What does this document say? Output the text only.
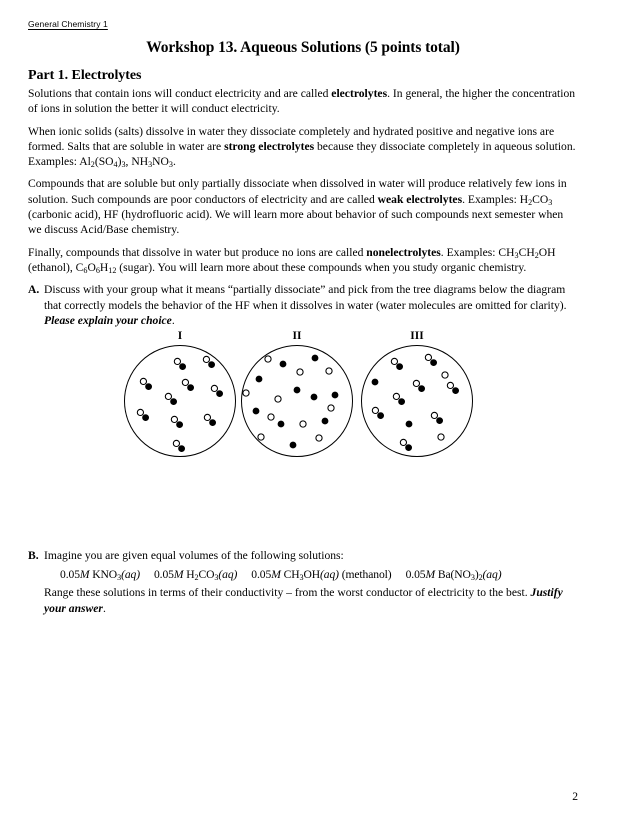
General Chemistry 1
Workshop 13. Aqueous Solutions (5 points total)
Part 1. Electrolytes

Solutions that contain ions will conduct electricity and are called electrolytes. In general, the higher the concentration of ions in solution the better it will conduct electricity.

When ionic solids (salts) dissolve in water they dissociate completely and hydrated positive and negative ions are formed. Salts that are soluble in water are strong electrolytes because they dissociate completely in aqueous solution. Examples: $Al_2(SO_4)_3$, $NH_3NO_3$.

Compounds that are soluble but only partially dissociate when dissolved in water will produce relatively few ions in solution. Such compounds are poor conductors of electricity and are called weak electrolytes. Examples: $H_2CO_3$ (carbonic acid), HF (hydrofluoric acid). We will learn more about behavior of such compounds next semester when we discuss Acid/Base chemistry.

Finally, compounds that dissolve in water but produce no ions are called nonelectrolytes. Examples: $CH_3CH_2OH$ (ethanol), $C_6O_6H_{12}$ (sugar). You will learn more about these compounds when you study organic chemistry.

A. Discuss with your group what it means “partially dissociate” and pick from the tree diagrams below the diagram that correctly models the behavior of the HF when it dissolves in water (water molecules are omitted for clarity). Please explain your choice.

I	II	III
B. Imagine you are given equal volumes of the following solutions:

0.05M $KNO_3(aq)$ 0.05M $H_2CO_3(aq)$ 0.05M $CH_3OH(aq)$ (methanol) 0.05M $Ba(NO_3)_2(aq)$

Range these solutions in terms of their conductivity – from the worst conductor of electricity to the best. Justify your answer.

2
